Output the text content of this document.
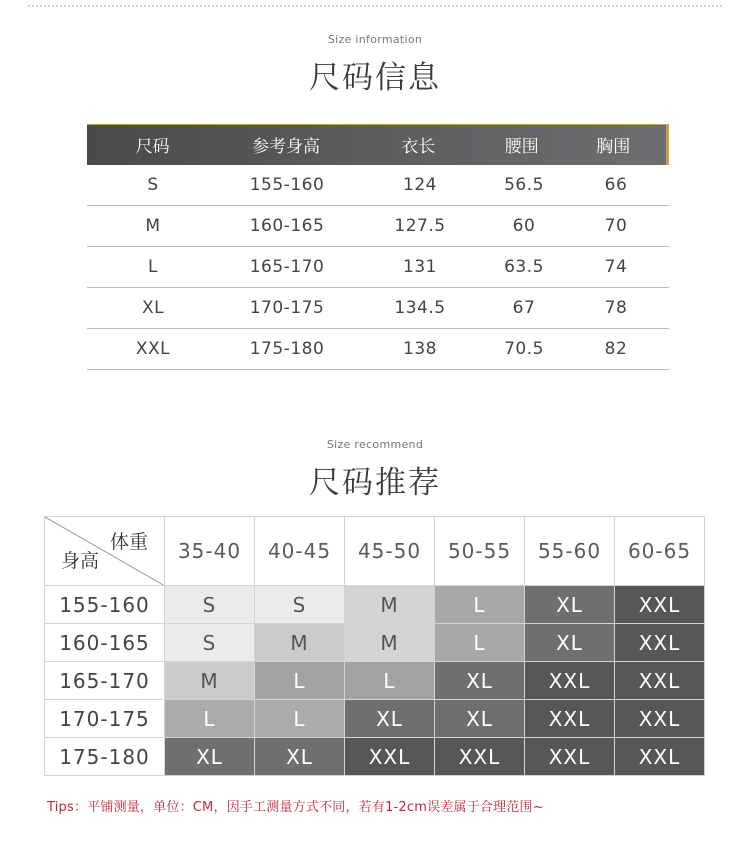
Size information
尺码信息
尺码	参考身高	衣长	腰围	胸围
S	155-160	124	56.5	66
M	160-165	127.5	60	70
L	165-170	131	63.5	74
XL	170-175	134.5	67	78
XXL	175-180	138	70.5	82
Size recommend
尺码推荐
体重
身高	35-40	40-45	45-50	50-55	55-60	60-65
155-160	S	S	M	L	XL	XXL
160-165	S	M	M	L	XL	XXL
165-170	M	L	L	XL	XXL	XXL
170-175	L	L	XL	XL	XXL	XXL
175-180	XL	XL	XXL	XXL	XXL	XXL
Tips：平铺测量，单位：CM，因手工测量方式不同，若有1-2cm误差属于合理范围~
